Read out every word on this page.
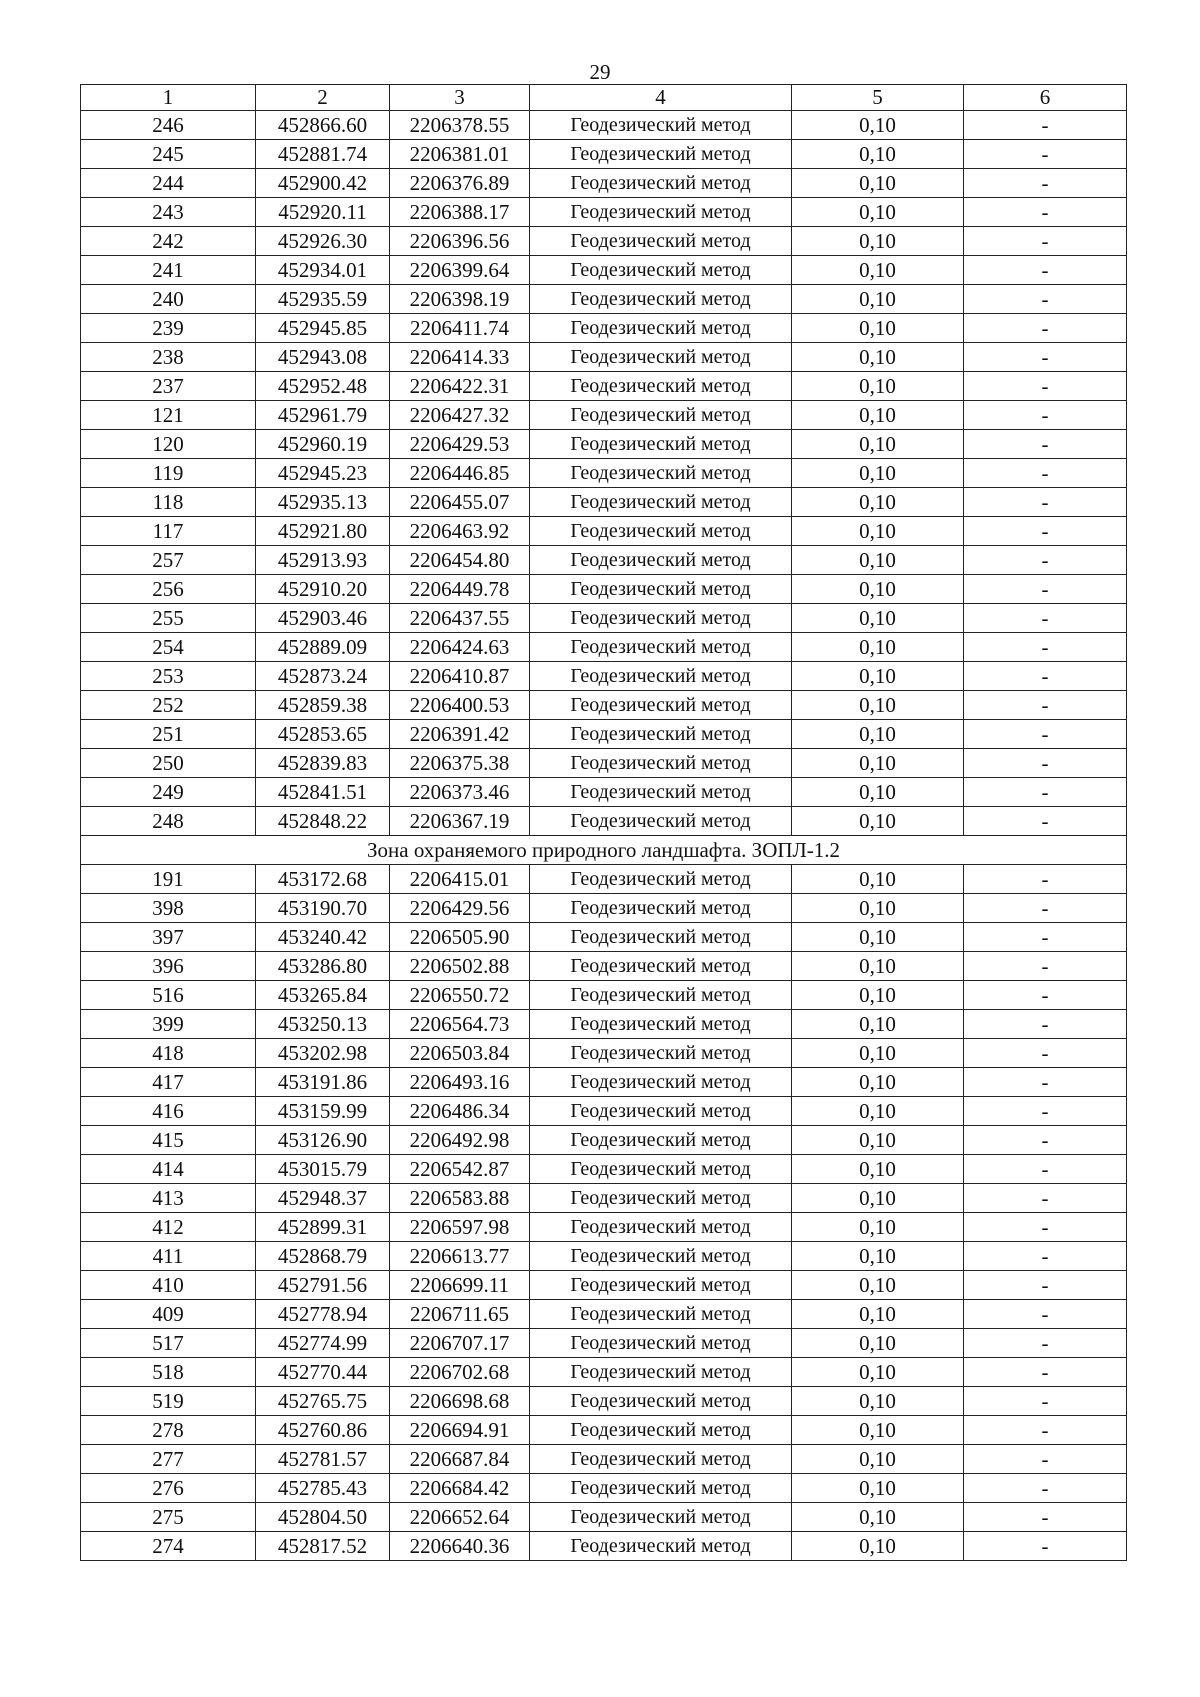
29
1	2	3	4	5	6
246	452866.60	2206378.55	Геодезический метод	0,10	-
245	452881.74	2206381.01	Геодезический метод	0,10	-
244	452900.42	2206376.89	Геодезический метод	0,10	-
243	452920.11	2206388.17	Геодезический метод	0,10	-
242	452926.30	2206396.56	Геодезический метод	0,10	-
241	452934.01	2206399.64	Геодезический метод	0,10	-
240	452935.59	2206398.19	Геодезический метод	0,10	-
239	452945.85	2206411.74	Геодезический метод	0,10	-
238	452943.08	2206414.33	Геодезический метод	0,10	-
237	452952.48	2206422.31	Геодезический метод	0,10	-
121	452961.79	2206427.32	Геодезический метод	0,10	-
120	452960.19	2206429.53	Геодезический метод	0,10	-
119	452945.23	2206446.85	Геодезический метод	0,10	-
118	452935.13	2206455.07	Геодезический метод	0,10	-
117	452921.80	2206463.92	Геодезический метод	0,10	-
257	452913.93	2206454.80	Геодезический метод	0,10	-
256	452910.20	2206449.78	Геодезический метод	0,10	-
255	452903.46	2206437.55	Геодезический метод	0,10	-
254	452889.09	2206424.63	Геодезический метод	0,10	-
253	452873.24	2206410.87	Геодезический метод	0,10	-
252	452859.38	2206400.53	Геодезический метод	0,10	-
251	452853.65	2206391.42	Геодезический метод	0,10	-
250	452839.83	2206375.38	Геодезический метод	0,10	-
249	452841.51	2206373.46	Геодезический метод	0,10	-
248	452848.22	2206367.19	Геодезический метод	0,10	-
Зона охраняемого природного ландшафта. ЗОПЛ-1.2					
191	453172.68	2206415.01	Геодезический метод	0,10	-
398	453190.70	2206429.56	Геодезический метод	0,10	-
397	453240.42	2206505.90	Геодезический метод	0,10	-
396	453286.80	2206502.88	Геодезический метод	0,10	-
516	453265.84	2206550.72	Геодезический метод	0,10	-
399	453250.13	2206564.73	Геодезический метод	0,10	-
418	453202.98	2206503.84	Геодезический метод	0,10	-
417	453191.86	2206493.16	Геодезический метод	0,10	-
416	453159.99	2206486.34	Геодезический метод	0,10	-
415	453126.90	2206492.98	Геодезический метод	0,10	-
414	453015.79	2206542.87	Геодезический метод	0,10	-
413	452948.37	2206583.88	Геодезический метод	0,10	-
412	452899.31	2206597.98	Геодезический метод	0,10	-
411	452868.79	2206613.77	Геодезический метод	0,10	-
410	452791.56	2206699.11	Геодезический метод	0,10	-
409	452778.94	2206711.65	Геодезический метод	0,10	-
517	452774.99	2206707.17	Геодезический метод	0,10	-
518	452770.44	2206702.68	Геодезический метод	0,10	-
519	452765.75	2206698.68	Геодезический метод	0,10	-
278	452760.86	2206694.91	Геодезический метод	0,10	-
277	452781.57	2206687.84	Геодезический метод	0,10	-
276	452785.43	2206684.42	Геодезический метод	0,10	-
275	452804.50	2206652.64	Геодезический метод	0,10	-
274	452817.52	2206640.36	Геодезический метод	0,10	-
